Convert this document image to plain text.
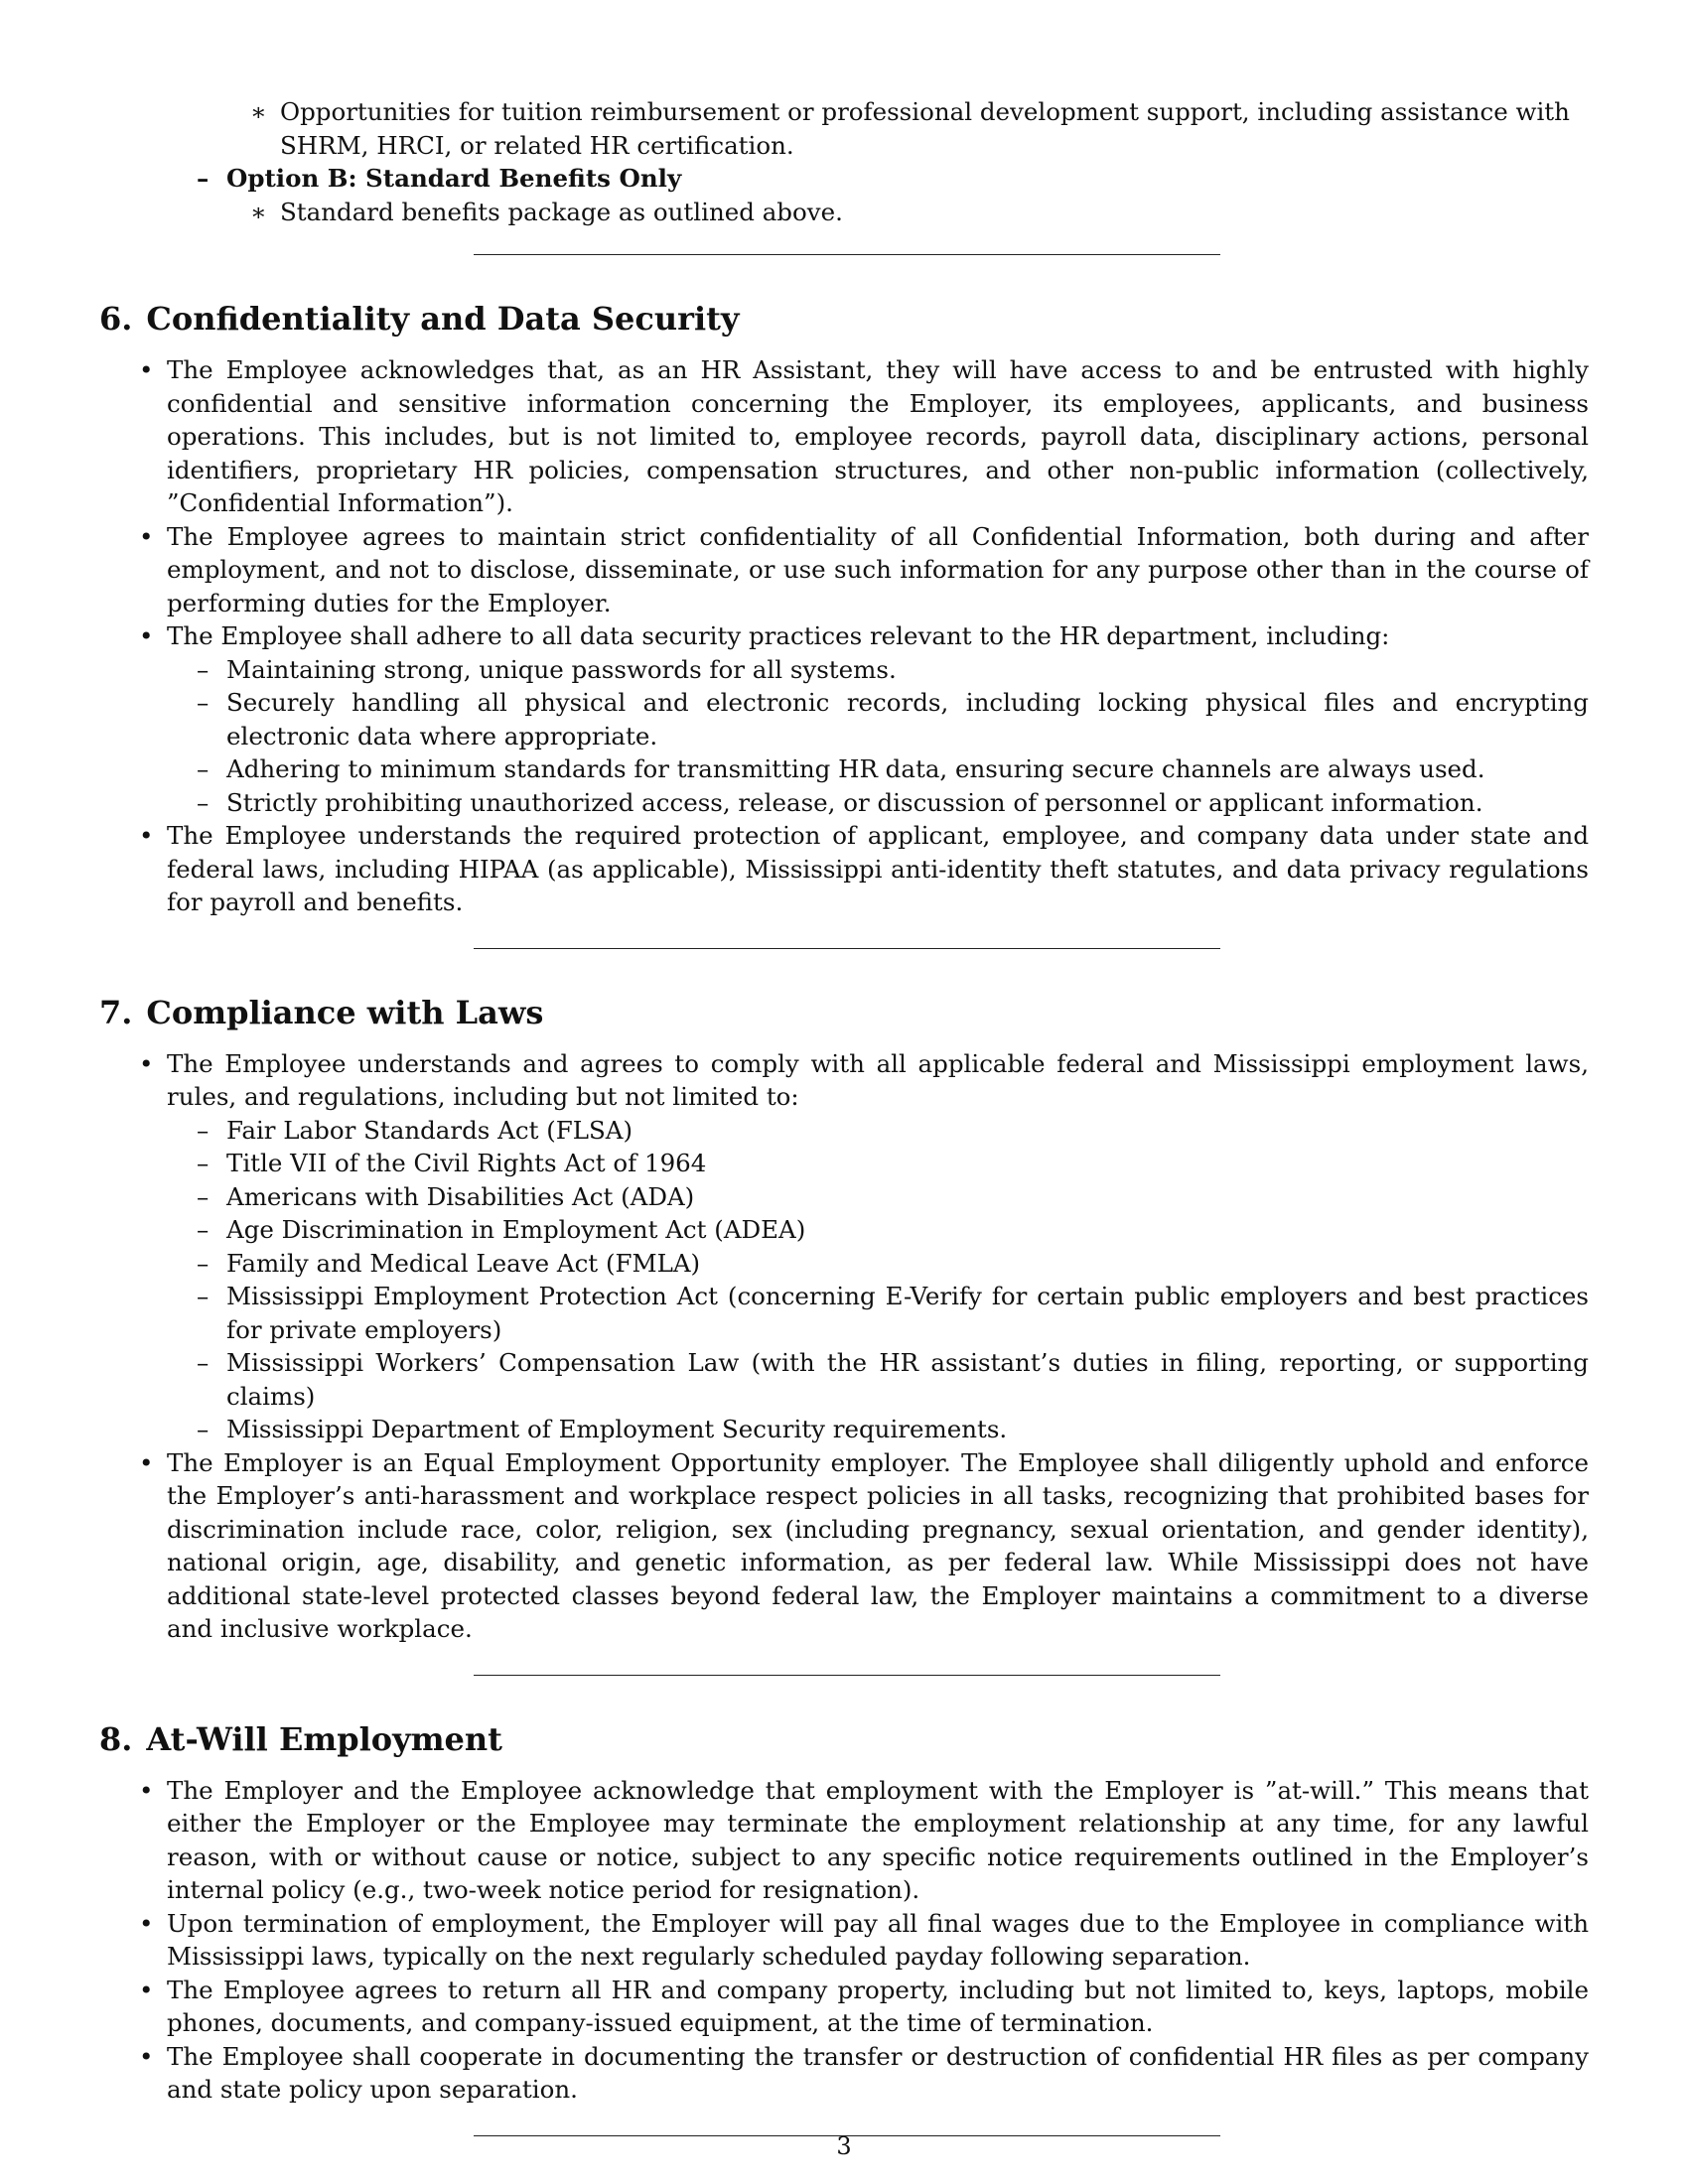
∗ Opportunities for tuition reimbursement or professional development support, including assistance with SHRM, HRCI, or related HR certification.
– Option B: Standard Benefits Only
∗ Standard benefits package as outlined above.
6. Confidentiality and Data Security
• The Employee acknowledges that, as an HR Assistant, they will have access to and be entrusted with highly confidential and sensitive information concerning the Employer, its employees, applicants, and business operations. This includes, but is not limited to, employee records, payroll data, disciplinary actions, personal identifiers, proprietary HR policies, compensation structures, and other non-public information (collectively, ”Confidential Information”).
• The Employee agrees to maintain strict confidentiality of all Confidential Information, both during and after employment, and not to disclose, disseminate, or use such information for any purpose other than in the course of performing duties for the Employer.
• The Employee shall adhere to all data security practices relevant to the HR department, including:
– Maintaining strong, unique passwords for all systems.
– Securely handling all physical and electronic records, including locking physical files and encrypting electronic data where appropriate.
– Adhering to minimum standards for transmitting HR data, ensuring secure channels are always used.
– Strictly prohibiting unauthorized access, release, or discussion of personnel or applicant information.
• The Employee understands the required protection of applicant, employee, and company data under state and federal laws, including HIPAA (as applicable), Mississippi anti-identity theft statutes, and data privacy regulations for payroll and benefits.
7. Compliance with Laws
• The Employee understands and agrees to comply with all applicable federal and Mississippi employment laws, rules, and regulations, including but not limited to:
– Fair Labor Standards Act (FLSA)
– Title VII of the Civil Rights Act of 1964
– Americans with Disabilities Act (ADA)
– Age Discrimination in Employment Act (ADEA)
– Family and Medical Leave Act (FMLA)
– Mississippi Employment Protection Act (concerning E-Verify for certain public employers and best practices for private employers)
– Mississippi Workers’ Compensation Law (with the HR assistant’s duties in filing, reporting, or supporting claims)
– Mississippi Department of Employment Security requirements.
• The Employer is an Equal Employment Opportunity employer. The Employee shall diligently uphold and enforce the Employer’s anti-harassment and workplace respect policies in all tasks, recognizing that prohibited bases for discrimination include race, color, religion, sex (including pregnancy, sexual orientation, and gender identity), national origin, age, disability, and genetic information, as per federal law. While Mississippi does not have additional state-level protected classes beyond federal law, the Employer maintains a commitment to a diverse and inclusive workplace.
8. At-Will Employment
• The Employer and the Employee acknowledge that employment with the Employer is ”at-will.” This means that either the Employer or the Employee may terminate the employment relationship at any time, for any lawful reason, with or without cause or notice, subject to any specific notice requirements outlined in the Employer’s internal policy (e.g., two-week notice period for resignation).
• Upon termination of employment, the Employer will pay all final wages due to the Employee in compliance with Mississippi laws, typically on the next regularly scheduled payday following separation.
• The Employee agrees to return all HR and company property, including but not limited to, keys, laptops, mobile phones, documents, and company-issued equipment, at the time of termination.
• The Employee shall cooperate in documenting the transfer or destruction of confidential HR files as per company and state policy upon separation.
3
